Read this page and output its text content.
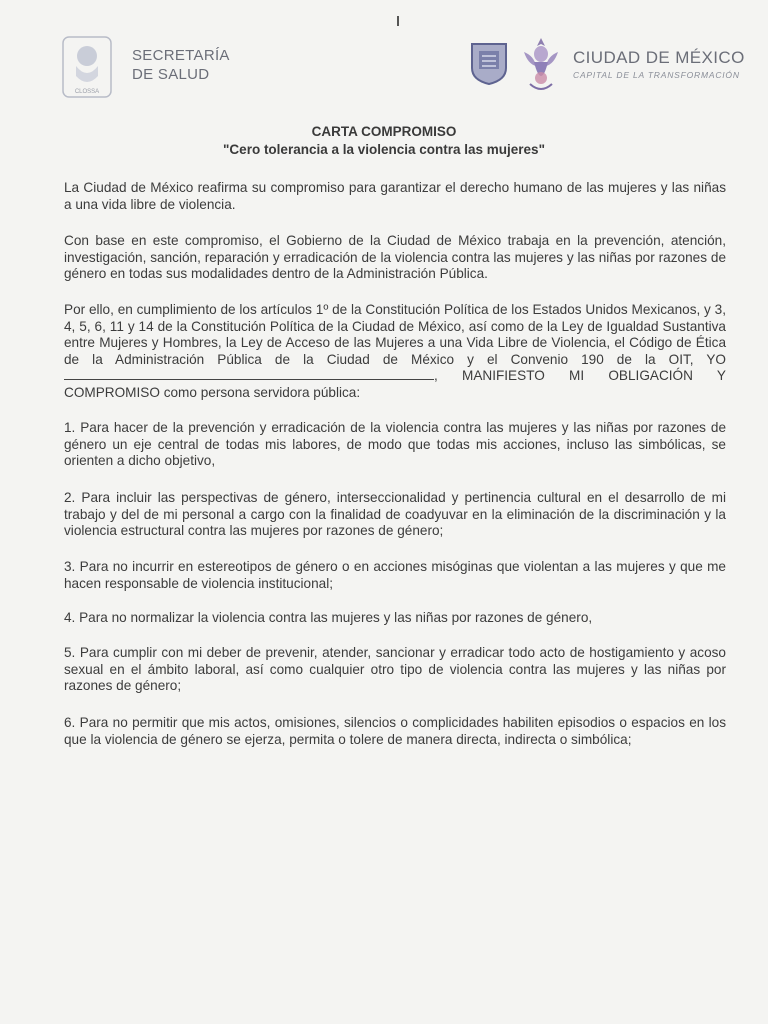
CLOSSA
SECRETARÍA
DE SALUD
CIUDAD DE MÉXICO
CAPITAL DE LA TRANSFORMACIÓN
CARTA COMPROMISO
"Cero tolerancia a la violencia contra las mujeres"
La Ciudad de México reafirma su compromiso para garantizar el derecho humano de las mujeres y las niñas a una vida libre de violencia.
Con base en este compromiso, el Gobierno de la Ciudad de México trabaja en la prevención, atención, investigación, sanción, reparación y erradicación de la violencia contra las mujeres y las niñas por razones de género en todas sus modalidades dentro de la Administración Pública.
Por ello, en cumplimiento de los artículos 1º de la Constitución Política de los Estados Unidos Mexicanos, y 3, 4, 5, 6, 11 y 14 de la Constitución Política de la Ciudad de México, así como de la Ley de Igualdad Sustantiva entre Mujeres y Hombres, la Ley de Acceso de las Mujeres a una Vida Libre de Violencia, el Código de Ética de la Administración Pública de la Ciudad de México y el Convenio 190 de la OIT, YO , MANIFIESTO MI OBLIGACIÓN Y COMPROMISO como persona servidora pública:
1. Para hacer de la prevención y erradicación de la violencia contra las mujeres y las niñas por razones de género un eje central de todas mis labores, de modo que todas mis acciones, incluso las simbólicas, se orienten a dicho objetivo,
2. Para incluir las perspectivas de género, interseccionalidad y pertinencia cultural en el desarrollo de mi trabajo y del de mi personal a cargo con la finalidad de coadyuvar en la eliminación de la discriminación y la violencia estructural contra las mujeres por razones de género;
3. Para no incurrir en estereotipos de género o en acciones misóginas que violentan a las mujeres y que me hacen responsable de violencia institucional;
4. Para no normalizar la violencia contra las mujeres y las niñas por razones de género,
5. Para cumplir con mi deber de prevenir, atender, sancionar y erradicar todo acto de hostigamiento y acoso sexual en el ámbito laboral, así como cualquier otro tipo de violencia contra las mujeres y las niñas por razones de género;
6. Para no permitir que mis actos, omisiones, silencios o complicidades habiliten episodios o espacios en los que la violencia de género se ejerza, permita o tolere de manera directa, indirecta o simbólica;
